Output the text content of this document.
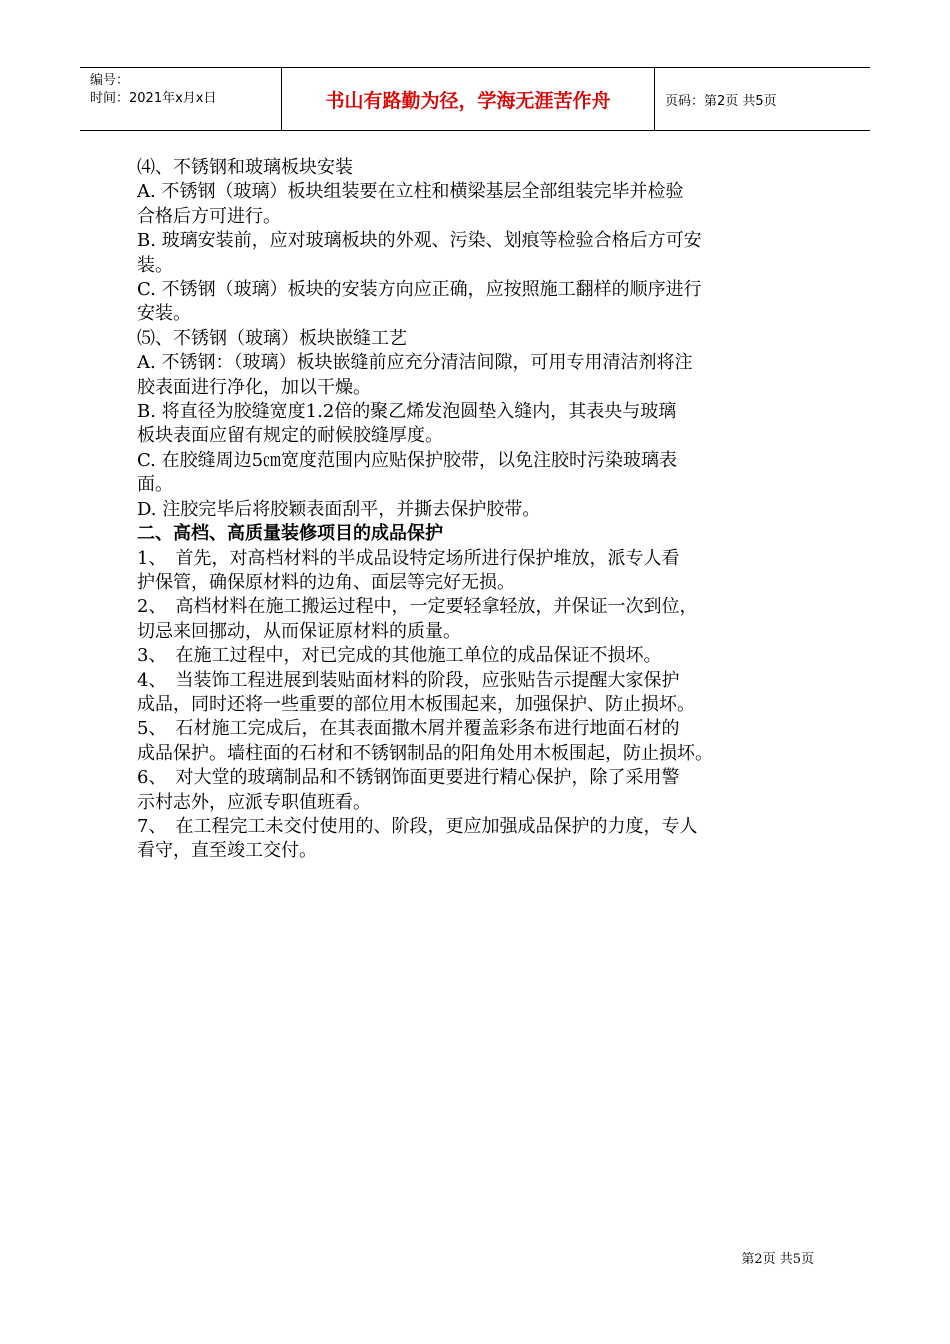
编号：
时间：2021年x月x日	书山有路勤为径，学海无涯苦作舟	页码：第2页 共5页

⑷、不锈钢和玻璃板块安装

A. 不锈钢（玻璃）板块组装要在立柱和横梁基层全部组装完毕并检验

合格后方可进行。

B. 玻璃安装前，应对玻璃板块的外观、污染、划痕等检验合格后方可安

装。

C. 不锈钢（玻璃）板块的安装方向应正确，应按照施工翻样的顺序进行

安装。

⑸、不锈钢（玻璃）板块嵌缝工艺

A. 不锈钢：（玻璃）板块嵌缝前应充分清洁间隙，可用专用清洁剂将注

胶表面进行净化，加以干燥。

B. 将直径为胶缝宽度1.2倍的聚乙烯发泡圆垫入缝内，其表央与玻璃

板块表面应留有规定的耐候胶缝厚度。

C. 在胶缝周边5㎝宽度范围内应贴保护胶带，以免注胶时污染玻璃表

面。

D. 注胶完毕后将胶颖表面刮平，并撕去保护胶带。

二、高档、高质量装修项目的成品保护

1、　首先，对高档材料的半成品设特定场所进行保护堆放，派专人看

护保管，确保原材料的边角、面层等完好无损。

2、　高档材料在施工搬运过程中，一定要轻拿轻放，并保证一次到位，

切忌来回挪动，从而保证原材料的质量。

3、　在施工过程中，对已完成的其他施工单位的成品保证不损坏。

4、　当装饰工程进展到装贴面材料的阶段，应张贴告示提醒大家保护

成品，同时还将一些重要的部位用木板围起来，加强保护、防止损坏。

5、　石材施工完成后，在其表面撒木屑并覆盖彩条布进行地面石材的

成品保护。墙柱面的石材和不锈钢制品的阳角处用木板围起，防止损坏。

6、　对大堂的玻璃制品和不锈钢饰面更要进行精心保护，除了采用警

示村志外，应派专职值班看。

7、　在工程完工未交付使用的、阶段，更应加强成品保护的力度，专人

看守，直至竣工交付。

第2页 共5页
